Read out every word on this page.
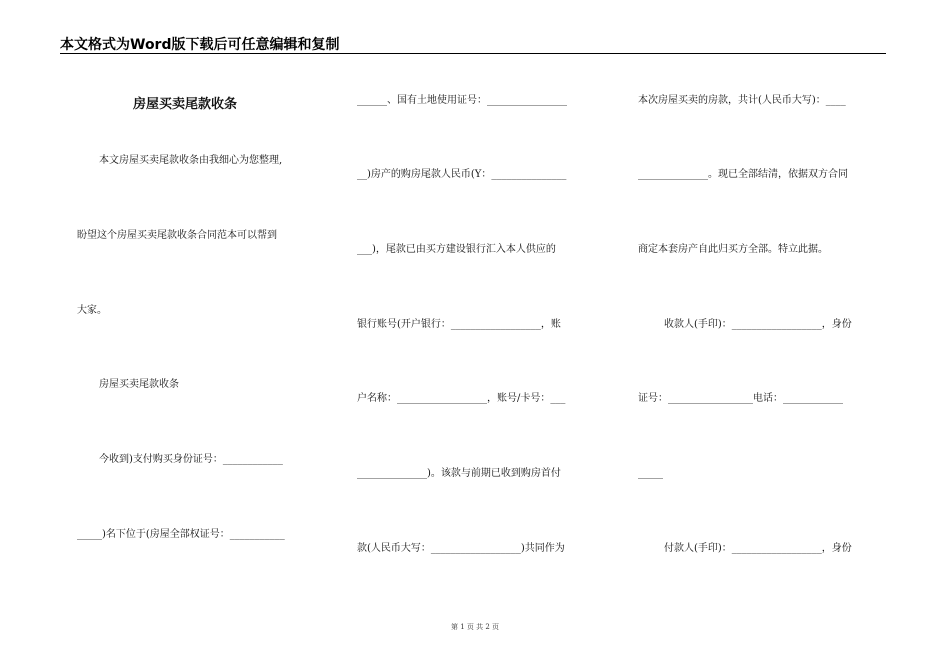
本文格式为Word版下载后可任意编辑和复制
房屋买卖尾款收条
本文房屋买卖尾款收条由我细心为您整理,
盼望这个房屋买卖尾款收条合同范本可以帮到
大家。
房屋买卖尾款收条
今收到)支付购买身份证号：____________
_____)名下位于(房屋全部权证号：___________
______、国有土地使用证号：________________
__)房产的购房尾款人民币(Y：_______________
___)，尾款已由买方建设银行汇入本人供应的
银行账号(开户银行：__________________，账
户名称：__________________，账号/卡号：___
______________)。该款与前期已收到购房首付
款(人民币大写：__________________)共同作为
本次房屋买卖的房款，共计(人民币大写)：____
______________。现已全部结清，依据双方合同
商定本套房产自此归买方全部。特立此据。
收款人(手印)：__________________，身份
证号：_________________电话：____________
_____
付款人(手印)：__________________，身份
第 1 页 共 2 页
